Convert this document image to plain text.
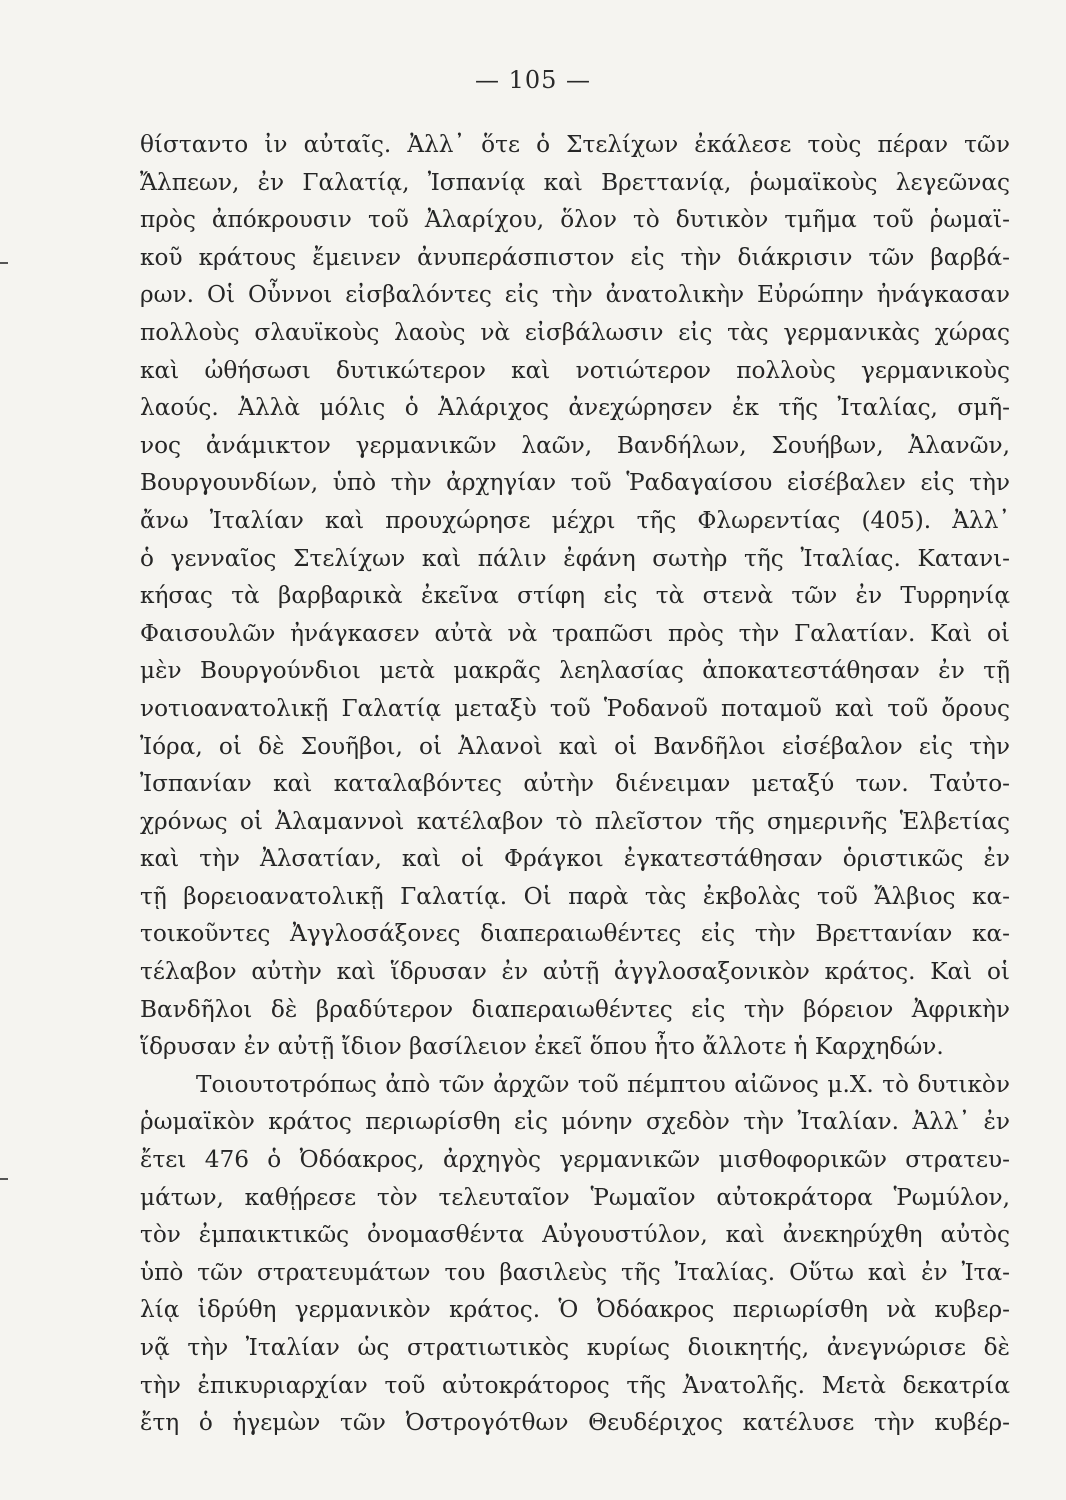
— 105 —
θίσταντο ἰν αὐταῖς. Ἀλλ᾽ ὅτε ὁ Στελίχων ἐκάλεσε τοὺς πέραν τῶν
Ἄλπεων, ἐν Γαλατίᾳ, Ἰσπανίᾳ καὶ Βρεττανίᾳ, ῥωμαϊκοὺς λεγεῶνας
πρὸς ἀπόκρουσιν τοῦ Ἀλαρίχου, ὅλον τὸ δυτικὸν τμῆμα τοῦ ῥωμαϊ-
κοῦ κράτους ἔμεινεν ἀνυπεράσπιστον εἰς τὴν διάκρισιν τῶν βαρβά-
ρων. Οἱ Οὖννοι εἰσβαλόντες εἰς τὴν ἀνατολικὴν Εὐρώπην ἠνάγκασαν
πολλοὺς σλαυϊκοὺς λαοὺς νὰ εἰσβάλωσιν εἰς τὰς γερμανικὰς χώρας
καὶ ὠθήσωσι δυτικώτερον καὶ νοτιώτερον πολλοὺς γερμανικοὺς
λαούς. Ἀλλὰ μόλις ὁ Ἀλάριχος ἀνεχώρησεν ἐκ τῆς Ἰταλίας, σμῆ-
νος ἀνάμικτον γερμανικῶν λαῶν, Βανδήλων, Σουήβων, Ἀλανῶν,
Βουργουνδίων, ὑπὸ τὴν ἀρχηγίαν τοῦ Ῥαδαγαίσου εἰσέβαλεν εἰς τὴν
ἄνω Ἰταλίαν καὶ προυχώρησε μέχρι τῆς Φλωρεντίας (405). Ἀλλ᾽
ὁ γενναῖος Στελίχων καὶ πάλιν ἐφάνη σωτὴρ τῆς Ἰταλίας. Κατανι-
κήσας τὰ βαρβαρικὰ ἐκεῖνα στίφη εἰς τὰ στενὰ τῶν ἐν Τυρρηνίᾳ
Φαισουλῶν ἠνάγκασεν αὐτὰ νὰ τραπῶσι πρὸς τὴν Γαλατίαν. Καὶ οἱ
μὲν Βουργούνδιοι μετὰ μακρᾶς λεηλασίας ἀποκατεστάθησαν ἐν τῇ
νοτιοανατολικῇ Γαλατίᾳ μεταξὺ τοῦ Ῥοδανοῦ ποταμοῦ καὶ τοῦ ὄρους
Ἰόρα, οἱ δὲ Σουῆβοι, οἱ Ἀλανοὶ καὶ οἱ Βανδῆλοι εἰσέβαλον εἰς τὴν
Ἰσπανίαν καὶ καταλαβόντες αὐτὴν διένειμαν μεταξύ των. Ταὐτο-
χρόνως οἱ Ἀλαμαννοὶ κατέλαβον τὸ πλεῖστον τῆς σημερινῆς Ἑλβετίας
καὶ τὴν Ἀλσατίαν, καὶ οἱ Φράγκοι ἐγκατεστάθησαν ὁριστικῶς ἐν
τῇ βορειοανατολικῇ Γαλατίᾳ. Οἱ παρὰ τὰς ἐκβολὰς τοῦ Ἄλβιος κα-
τοικοῦντες Ἀγγλοσάξονες διαπεραιωθέντες εἰς τὴν Βρεττανίαν κα-
τέλαβον αὐτὴν καὶ ἵδρυσαν ἐν αὐτῇ ἀγγλοσαξονικὸν κράτος. Καὶ οἱ
Βανδῆλοι δὲ βραδύτερον διαπεραιωθέντες εἰς τὴν βόρειον Ἀφρικὴν
ἵδρυσαν ἐν αὐτῇ ἴδιον βασίλειον ἐκεῖ ὅπου ἦτο ἄλλοτε ἡ Καρχηδών.
Τοιουτοτρόπως ἀπὸ τῶν ἀρχῶν τοῦ πέμπτου αἰῶνος μ.Χ. τὸ δυτικὸν
ῥωμαϊκὸν κράτος περιωρίσθη εἰς μόνην σχεδὸν τὴν Ἰταλίαν. Ἀλλ᾽ ἐν
ἔτει 476 ὁ Ὀδόακρος, ἀρχηγὸς γερμανικῶν μισθοφορικῶν στρατευ-
μάτων, καθῄρεσε τὸν τελευταῖον Ῥωμαῖον αὐτοκράτορα Ῥωμύλον,
τὸν ἐμπαικτικῶς ὀνομασθέντα Αὐγουστύλον, καὶ ἀνεκηρύχθη αὐτὸς
ὑπὸ τῶν στρατευμάτων του βασιλεὺς τῆς Ἰταλίας. Οὕτω καὶ ἐν Ἰτα-
λίᾳ ἱδρύθη γερμανικὸν κράτος. Ὁ Ὀδόακρος περιωρίσθη νὰ κυβερ-
νᾷ τὴν Ἰταλίαν ὡς στρατιωτικὸς κυρίως διοικητής, ἀνεγνώρισε δὲ
τὴν ἐπικυριαρχίαν τοῦ αὐτοκράτορος τῆς Ἀνατολῆς. Μετὰ δεκατρία
ἔτη ὁ ἡγεμὼν τῶν Ὀστρογότθων Θευδέριχος κατέλυσε τὴν κυβέρ-
